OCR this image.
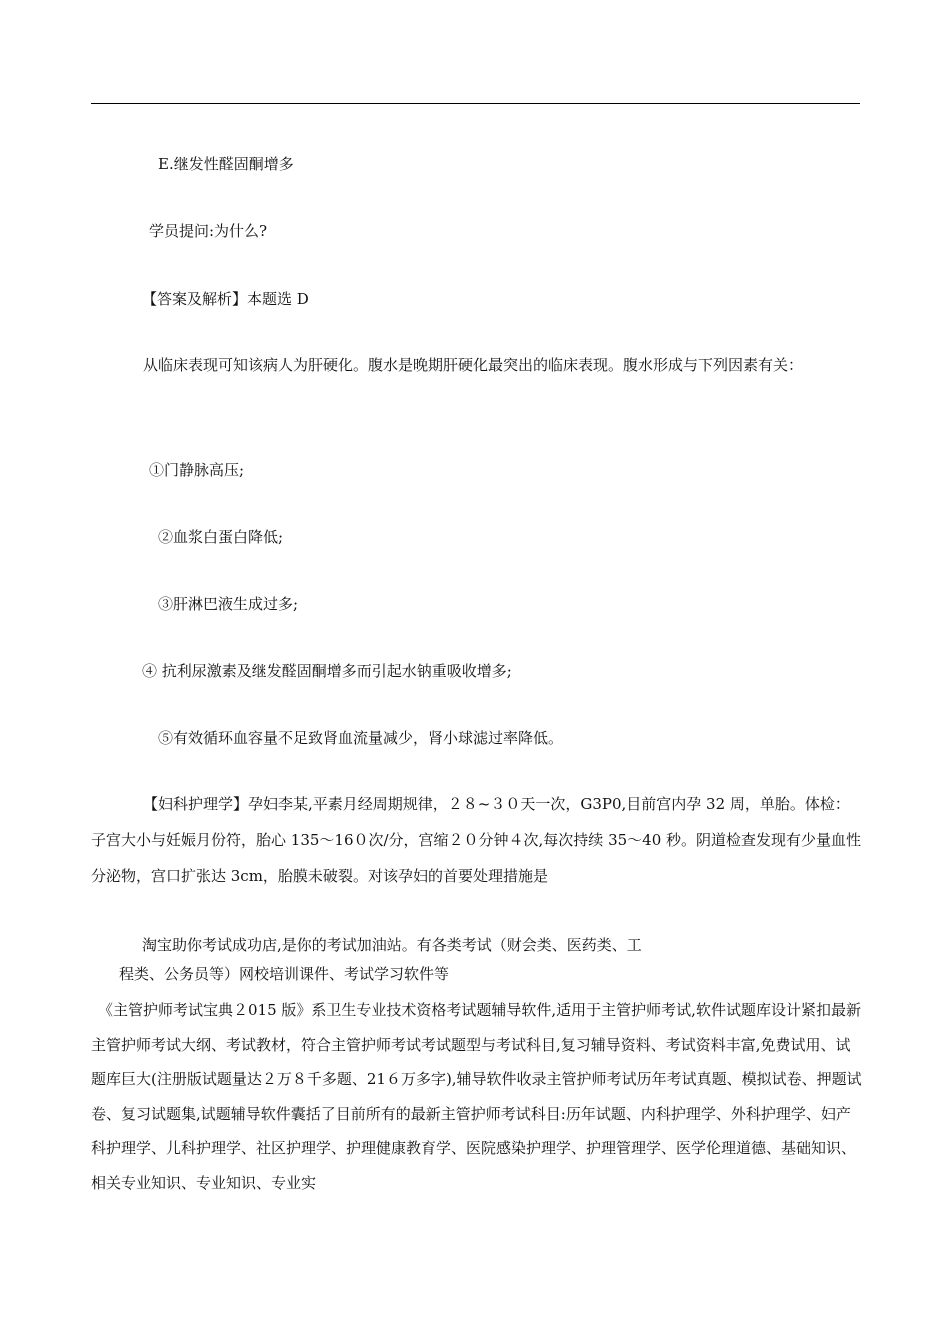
E.继发性醛固酮增多
学员提问:为什么?
【答案及解析】本题选 D

从临床表现可知该病人为肝硬化。腹水是晚期肝硬化最突出的临床表现。腹水形成与下列因素有关：

①门静脉高压;
②血浆白蛋白降低;
③肝淋巴液生成过多;
④ 抗利尿激素及继发醛固酮增多而引起水钠重吸收增多;
⑤有效循环血容量不足致肾血流量减少，肾小球滤过率降低。

【妇科护理学】孕妇李某,平素月经周期规律，２８~３０天一次，G3P0,目前宫内孕 32 周，单胎。体检：子宫大小与妊娠月份符，胎心 135～16０次/分，宫缩２０分钟４次,每次持续 35～40 秒。阴道检查发现有少量血性分泌物，宫口扩张达 3cm，胎膜未破裂。对该孕妇的首要处理措施是

淘宝助你考试成功店,是你的考试加油站。有各类考试（财会类、医药类、工
程类、公务员等）网校培训课件、考试学习软件等

《主管护师考试宝典２015 版》系卫生专业技术资格考试题辅导软件,适用于主管护师考试,软件试题库设计紧扣最新主管护师考试大纲、考试教材，符合主管护师考试考试题型与考试科目,复习辅导资料、考试资料丰富,免费试用、试题库巨大(注册版试题量达２万８千多题、21６万多字),辅导软件收录主管护师考试历年考试真题、模拟试卷、押题试卷、复习试题集,试题辅导软件囊括了目前所有的最新主管护师考试科目:历年试题、内科护理学、外科护理学、妇产科护理学、儿科护理学、社区护理学、护理健康教育学、医院感染护理学、护理管理学、医学伦理道德、基础知识、相关专业知识、专业知识、专业实
